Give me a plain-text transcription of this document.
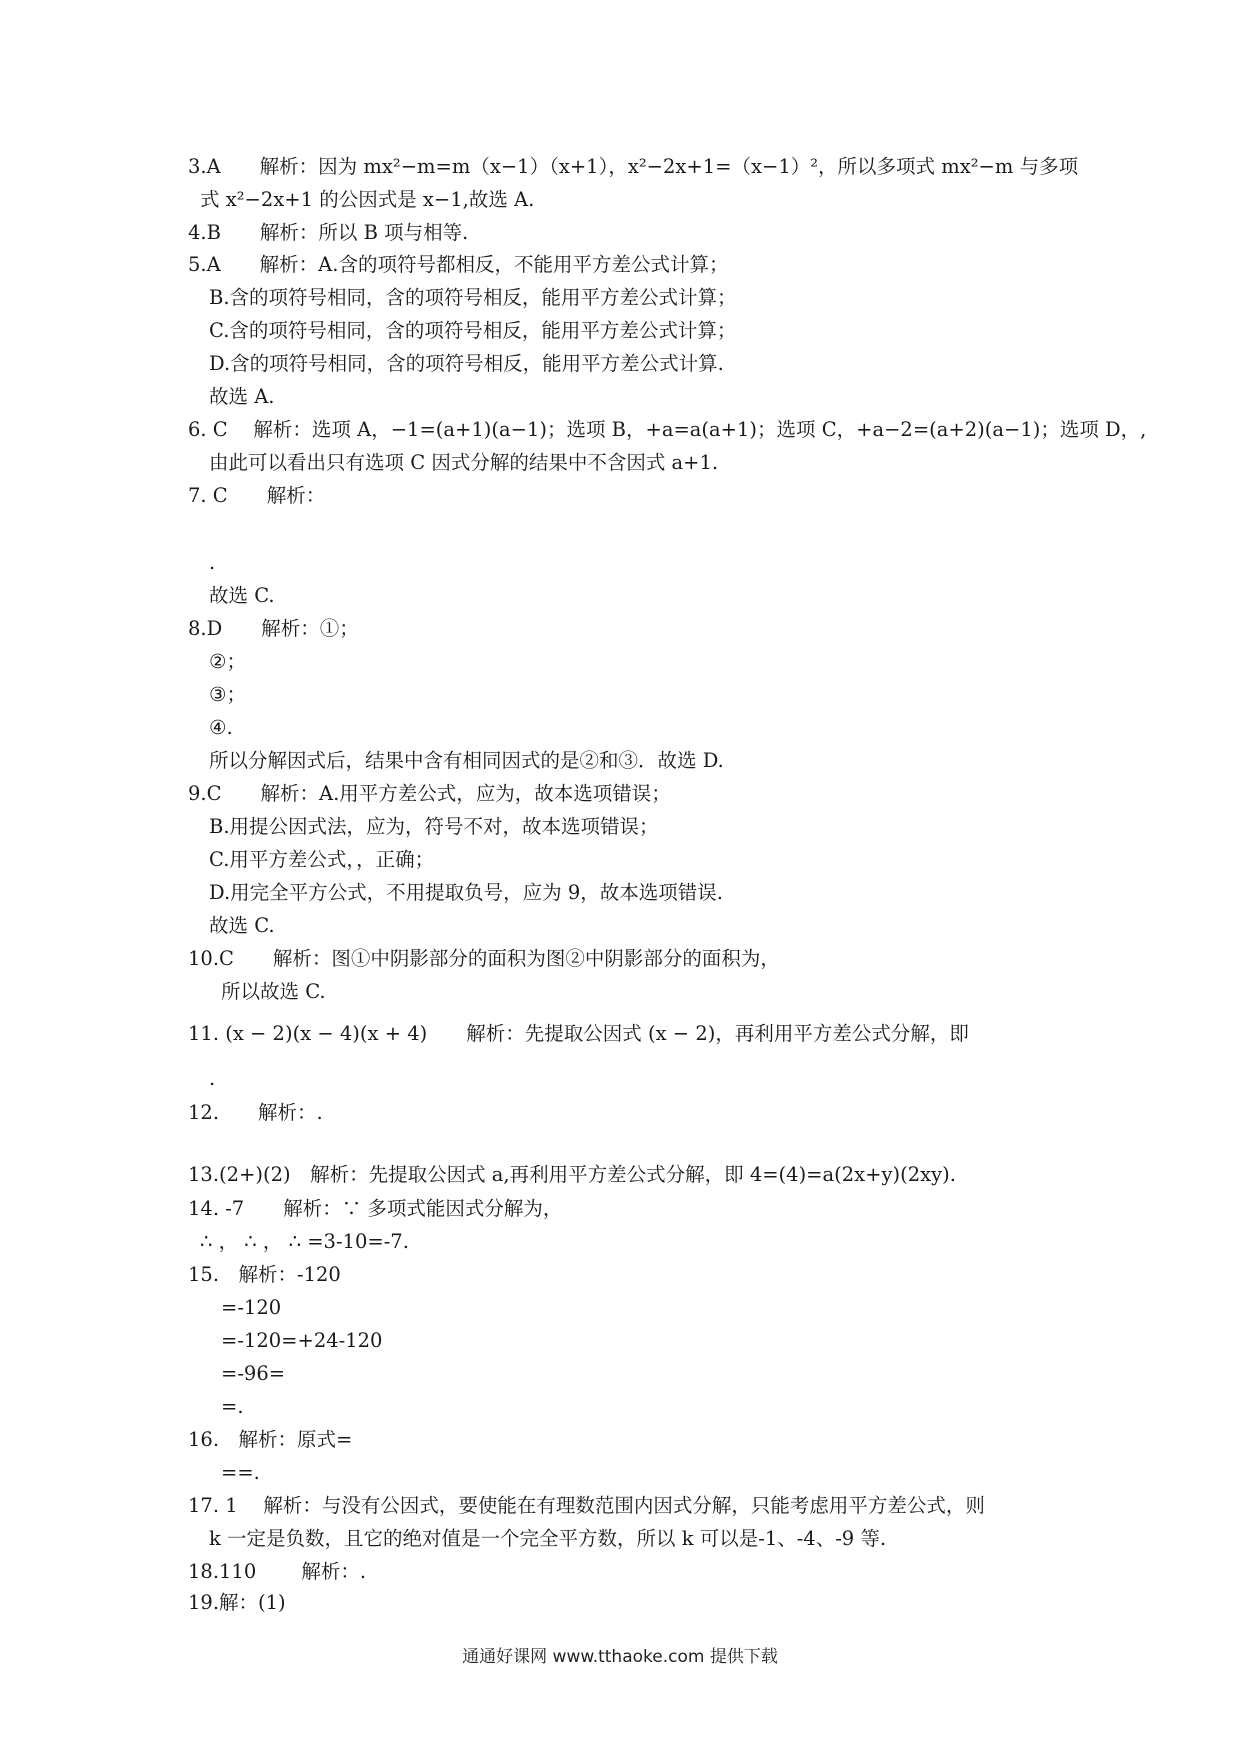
3.A　　解析：因为 mx²−m=m（x−1）（x+1），x²−2x+1=（x−1）²，所以多项式 mx²−m 与多项
式 x²−2x+1 的公因式是 x−1,故选 A.
4.B　　解析：所以 B 项与相等.
5.A　　解析：A.含的项符号都相反，不能用平方差公式计算；
B.含的项符号相同，含的项符号相反，能用平方差公式计算；
C.含的项符号相同，含的项符号相反，能用平方差公式计算；
D.含的项符号相同，含的项符号相反，能用平方差公式计算.
故选 A.
6. C　 解析：选项 A，−1=(a+1)(a−1)；选项 B，+a=a(a+1)；选项 C，+a−2=(a+2)(a−1)；选项 D，,
由此可以看出只有选项 C 因式分解的结果中不含因式 a+1.
7. C　　解析：
.
故选 C.
8.D　　解析：①；
②；
③；
④.
所以分解因式后，结果中含有相同因式的是②和③．故选 D.
9.C　　解析：A.用平方差公式，应为，故本选项错误；
B.用提公因式法，应为，符号不对，故本选项错误；
C.用平方差公式，，正确；
D.用完全平方公式，不用提取负号，应为 9，故本选项错误.
故选 C.
10.C　　解析：图①中阴影部分的面积为图②中阴影部分的面积为，
所以故选 C.
11. (x − 2)(x − 4)(x + 4)　　解析：先提取公因式 (x − 2)，再利用平方差公式分解，即
.
12.　　解析：.
13.(2+)(2)　解析：先提取公因式 a,再利用平方差公式分解，即 4=(4)=a(2x+y)(2xy).
14. -7　　解析：∵ 多项式能因式分解为，
∴ ， ∴ ， ∴ =3-10=-7.
15.　解析：-120
=-120
=-120=+24-120
=-96=
=.
16.　解析：原式=
==.
17. 1　 解析：与没有公因式，要使能在有理数范围内因式分解，只能考虑用平方差公式，则
k 一定是负数，且它的绝对值是一个完全平方数，所以 k 可以是-1、-4、-9 等.
18.110　　 解析：.
19.解：(1)
通通好课网 www.tthaoke.com 提供下载
